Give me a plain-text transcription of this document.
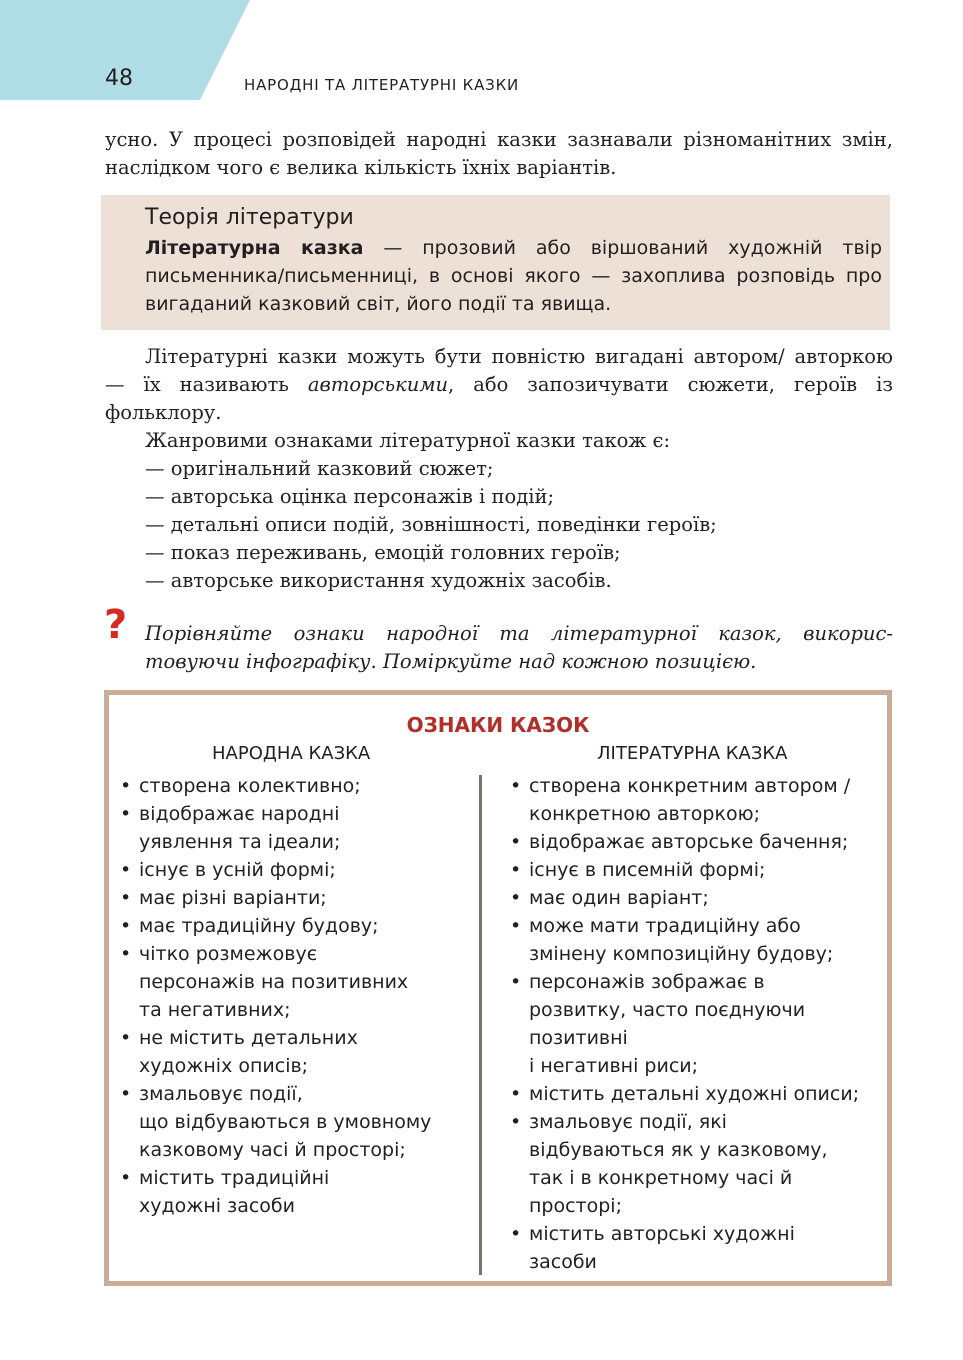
48	НАРОДНІ ТА ЛІТЕРАТУРНІ КАЗКИ

усно. У процесі розповідей народні казки зазнавали різноманітних змін, наслідком чого є велика кількість їхніх варіантів.

Теорія літератури

Літературна казка — прозовий або віршований художній твір письменника/письменниці, в основі якого — захоплива розповідь про вигаданий казковий світ, його події та явища.

Літературні казки можуть бути повністю вигадані автором/ авторкою — їх називають авторськими, або запозичувати сюжети, героїв із фольклору.

Жанровими ознаками літературної казки також є:
— оригінальний казковий сюжет;
— авторська оцінка персонажів і подій;
— детальні описи подій, зовнішності, поведінки героїв;
— показ переживань, емоцій головних героїв;
— авторське використання художніх засобів.
? Порівняйте ознаки народної та літературної казок, викорис-

товуючи інфографіку. Поміркуйте над кожною позицією.

ОЗНАКИ КАЗОК
НАРОДНА КАЗКА	ЛІТЕРАТУРНА КАЗКА
• створена колективно;
• відображає народні
уявлення та ідеали;
• існує в усній формі;
• має різні варіанти;
• має традиційну будову;
• чітко розмежовує
персонажів на позитивних
та негативних;
• не містить детальних
художніх описів;
• змальовує події,
що відбуваються в умовному
казковому часі й просторі;
• містить традиційні
художні засоби
• створена конкретним автором /
конкретною авторкою;
• відображає авторське бачення;
• існує в писемній формі;
• має один варіант;
• може мати традиційну або
змінену композиційну будову;
• персонажів зображає в
розвитку, часто поєднуючи
позитивні
і негативні риси;
• містить детальні художні описи;
• змальовує події, які
відбуваються як у казковому,
так і в конкретному часі й
просторі;
• містить авторські художні
засоби
